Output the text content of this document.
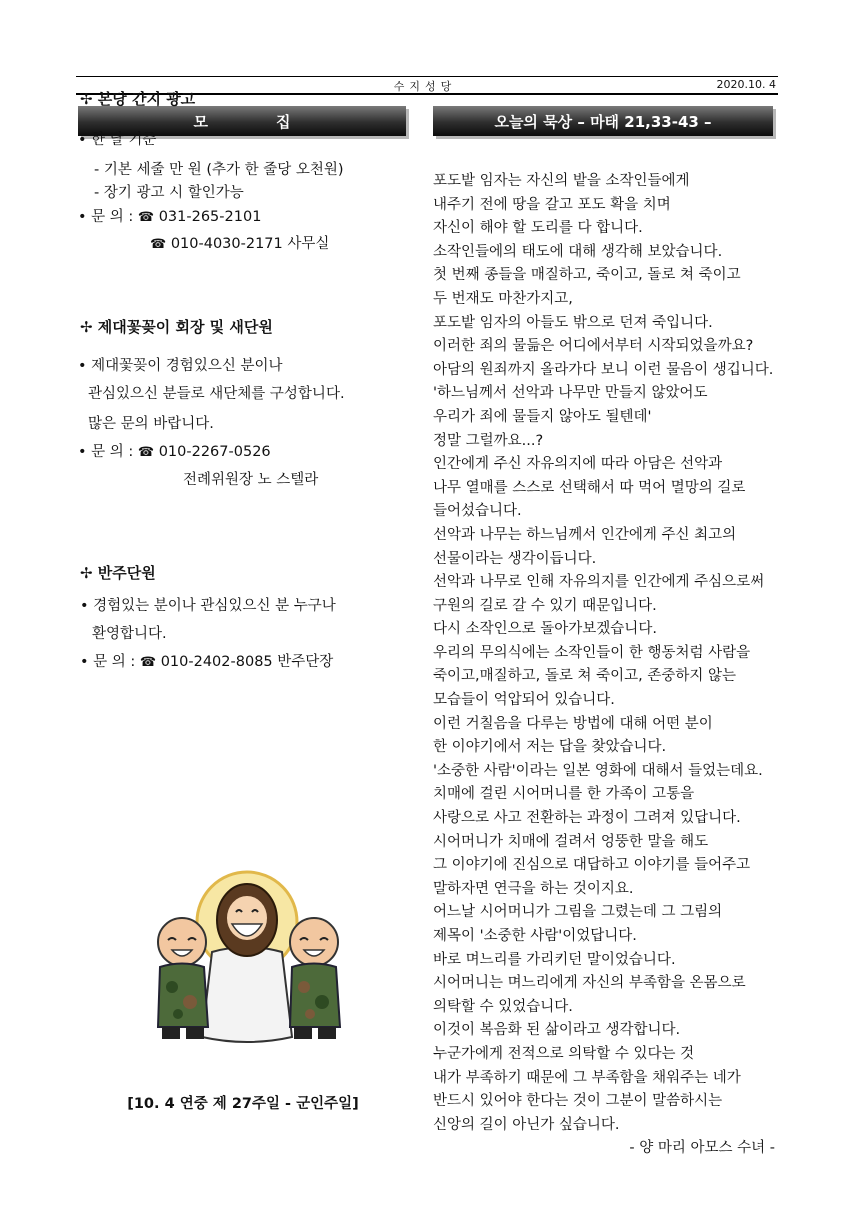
수지성당	2020.10. 4
모집	오늘의 묵상 – 마태 21,33-43 –
✢ 본당 간지 광고
• 한 달 기준
- 기본 세줄 만 원 (추가 한 줄당 오천원)
- 장기 광고 시 할인가능
• 문 의 : ☎ 031-265-2101
☎ 010-4030-2171 사무실
✢ 제대꽃꽂이 회장 및 새단원
• 제대꽃꽂이 경험있으신 분이나
관심있으신 분들로 새단체를 구성합니다.
많은 문의 바랍니다.
• 문 의 : ☎ 010-2267-0526
전례위원장 노 스텔라
✢ 반주단원
• 경험있는 분이나 관심있으신 분 누구나
환영합니다.
• 문 의 : ☎ 010-2402-8085 반주단장
[10. 4 연중 제 27주일 - 군인주일]
포도밭 임자는 자신의 밭을 소작인들에게
내주기 전에 땅을 갈고 포도 확을 치며
자신이 해야 할 도리를 다 합니다.
소작인들에의 태도에 대해 생각해 보았습니다.
첫 번째 종들을 매질하고, 죽이고, 돌로 쳐 죽이고
두 번재도 마찬가지고,
포도밭 임자의 아들도 밖으로 던져 죽입니다.
이러한 죄의 물듦은 어디에서부터 시작되었을까요?
아담의 원죄까지 올라가다 보니 이런 물음이 생깁니다.
'하느님께서 선악과 나무만 만들지 않았어도
우리가 죄에 물들지 않아도 될텐데'
정말 그럴까요...?
인간에게 주신 자유의지에 따라 아담은 선악과
나무 열매를 스스로 선택해서 따 먹어 멸망의 길로
들어섰습니다.
선악과 나무는 하느님께서 인간에게 주신 최고의
선물이라는 생각이듭니다.
선악과 나무로 인해 자유의지를 인간에게 주심으로써
구원의 길로 갈 수 있기 때문입니다.
다시 소작인으로 돌아가보겠습니다.
우리의 무의식에는 소작인들이 한 행동처럼 사람을
죽이고,매질하고, 돌로 쳐 죽이고, 존중하지 않는
모습들이 억압되어 있습니다.
이런 거칠음을 다루는 방법에 대해 어떤 분이
한 이야기에서 저는 답을 찾았습니다.
'소중한 사람'이라는 일본 영화에 대해서 들었는데요.
치매에 걸린 시어머니를 한 가족이 고통을
사랑으로 사고 전환하는 과정이 그려져 있답니다.
시어머니가 치매에 걸려서 엉뚱한 말을 해도
그 이야기에 진심으로 대답하고 이야기를 들어주고
말하자면 연극을 하는 것이지요.
어느날 시어머니가 그림을 그렸는데 그 그림의
제목이 '소중한 사람'이었답니다.
바로 며느리를 가리키던 말이었습니다.
시어머니는 며느리에게 자신의 부족함을 온몸으로
의탁할 수 있었습니다.
이것이 복음화 된 삶이라고 생각합니다.
누군가에게 전적으로 의탁할 수 있다는 것
내가 부족하기 때문에 그 부족함을 채워주는 네가
반드시 있어야 한다는 것이 그분이 말씀하시는
신앙의 길이 아닌가 싶습니다.
- 양 마리 아모스 수녀 -
